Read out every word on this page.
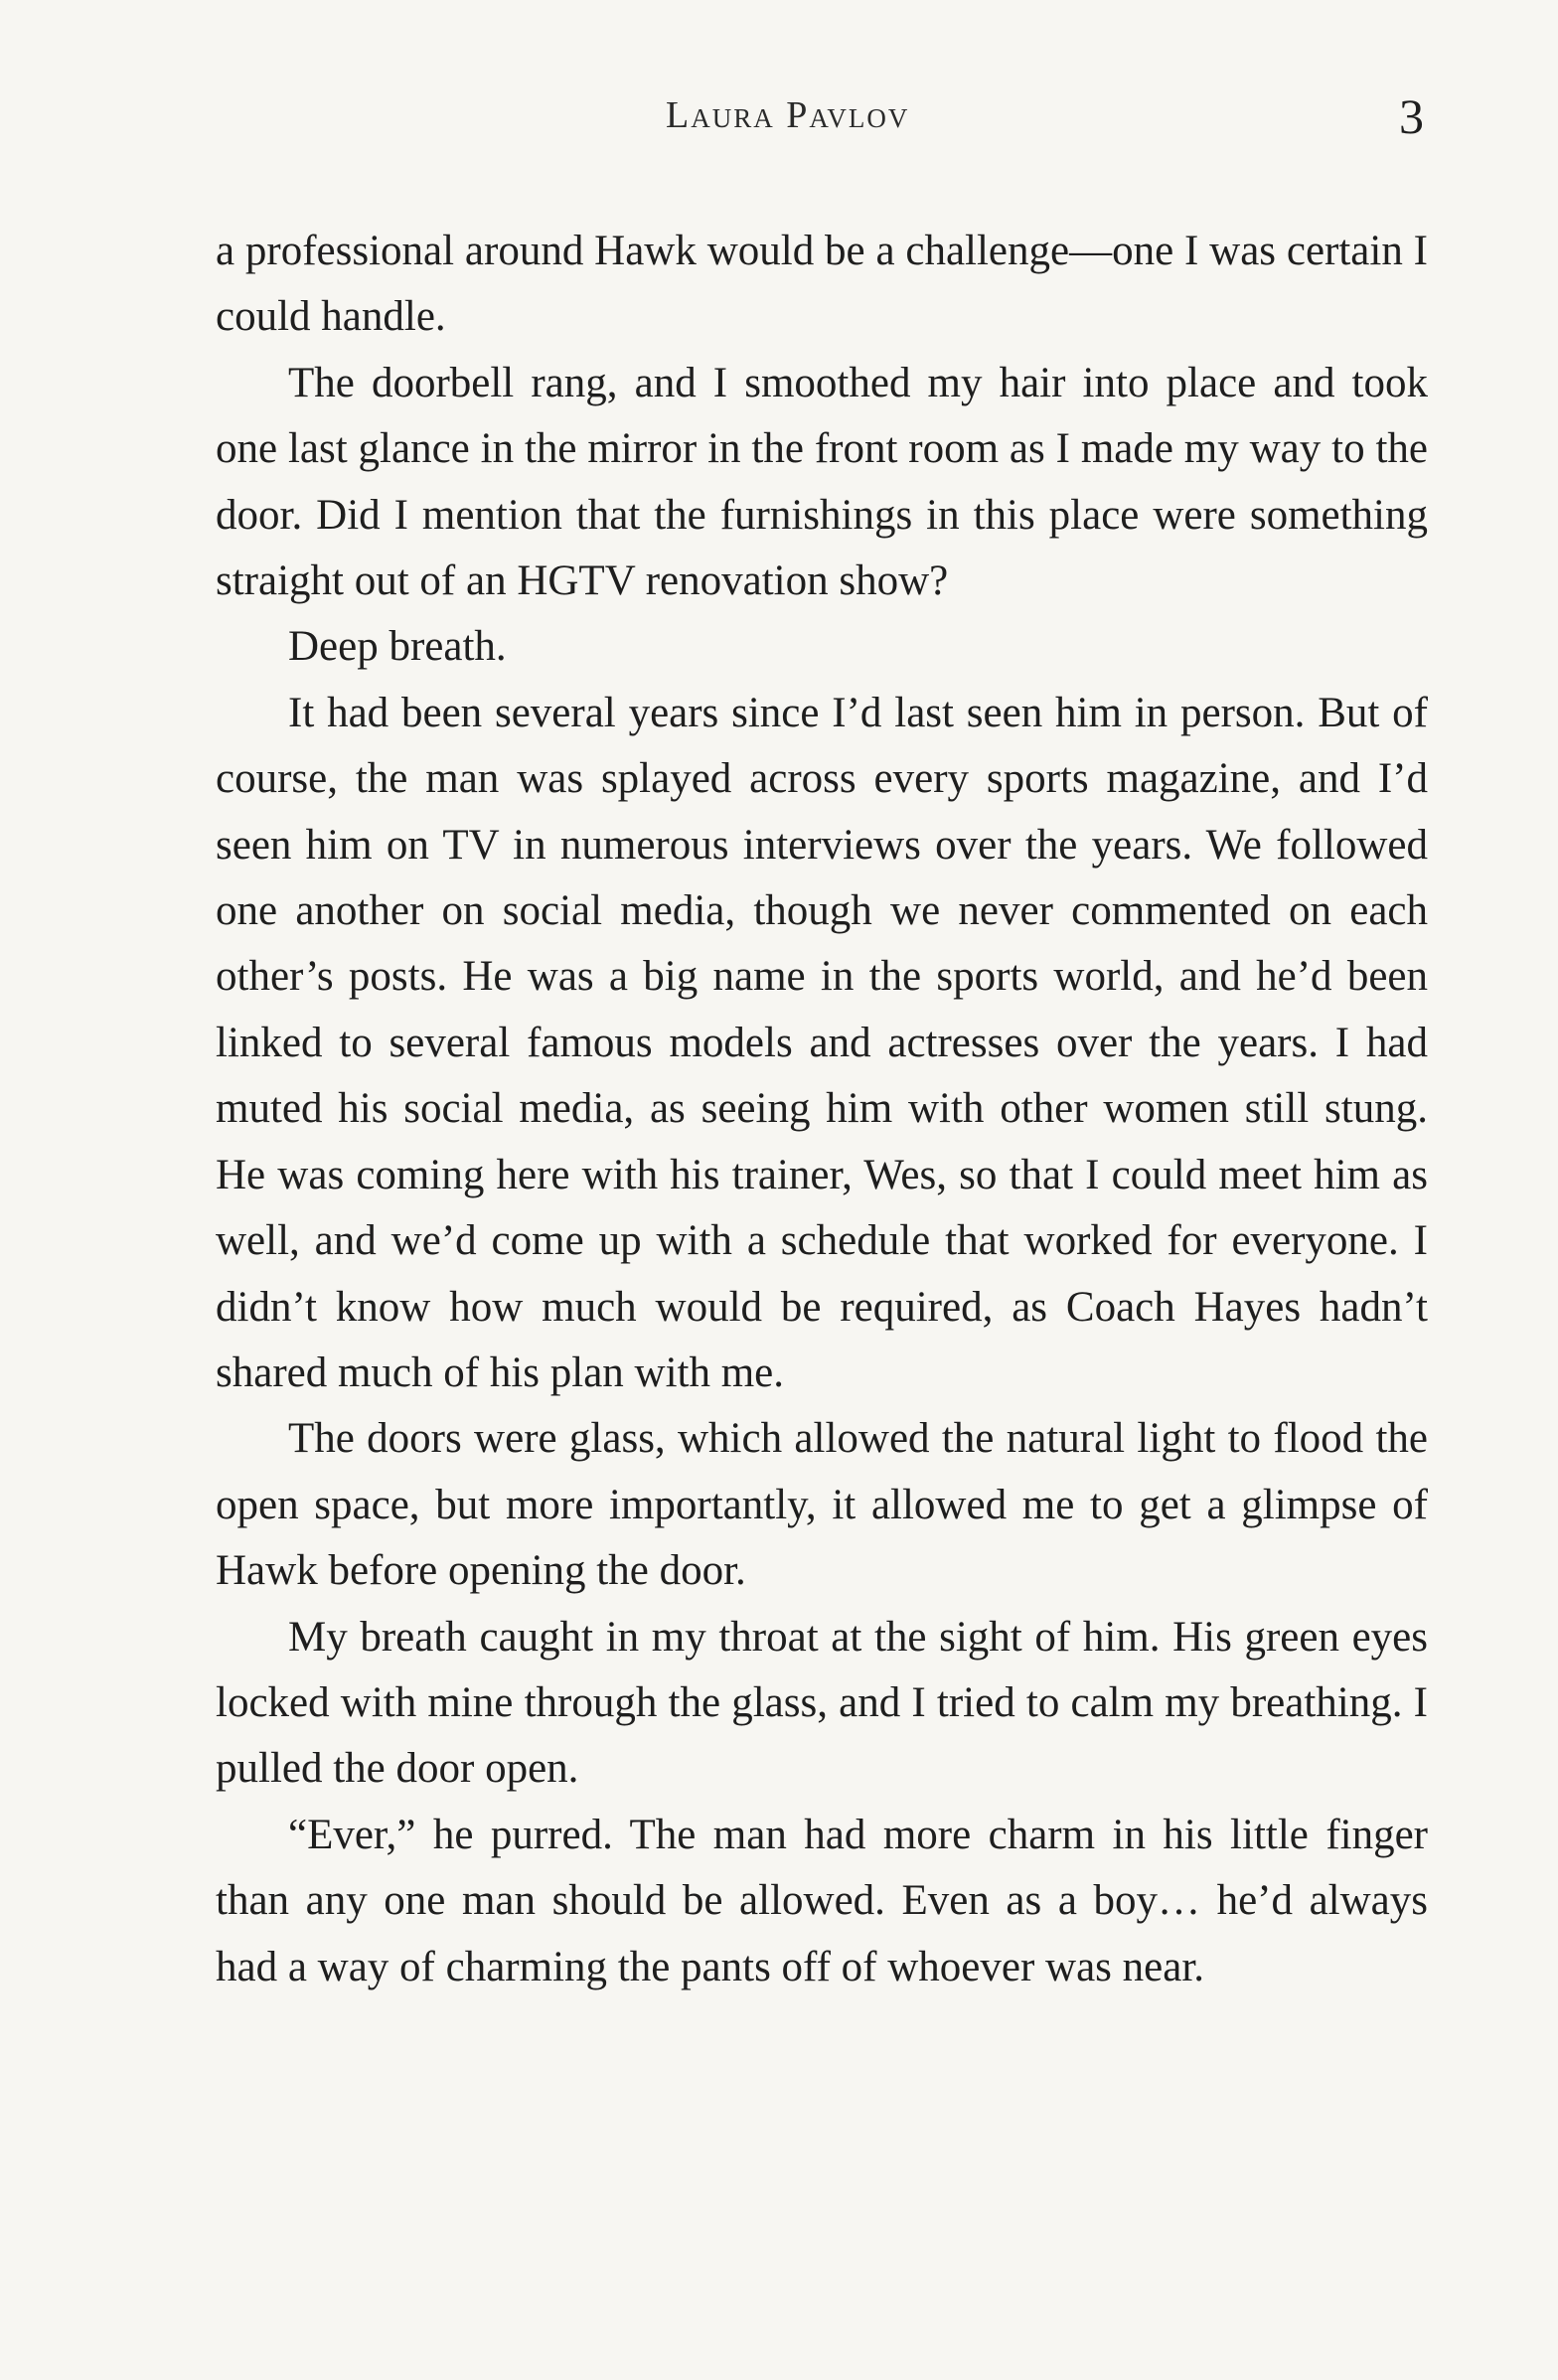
Laura Pavlov	3

a professional around Hawk would be a challenge—one I was certain I could handle.

The doorbell rang, and I smoothed my hair into place and took one last glance in the mirror in the front room as I made my way to the door. Did I mention that the furnishings in this place were something straight out of an HGTV renovation show?

Deep breath.

It had been several years since I’d last seen him in person. But of course, the man was splayed across every sports magazine, and I’d seen him on TV in numerous interviews over the years. We followed one another on social media, though we never commented on each other’s posts. He was a big name in the sports world, and he’d been linked to several famous models and actresses over the years. I had muted his social media, as seeing him with other women still stung. He was coming here with his trainer, Wes, so that I could meet him as well, and we’d come up with a schedule that worked for everyone. I didn’t know how much would be required, as Coach Hayes hadn’t shared much of his plan with me.

The doors were glass, which allowed the natural light to flood the open space, but more importantly, it allowed me to get a glimpse of Hawk before opening the door.

My breath caught in my throat at the sight of him. His green eyes locked with mine through the glass, and I tried to calm my breathing. I pulled the door open.

“Ever,” he purred. The man had more charm in his little finger than any one man should be allowed. Even as a boy… he’d always had a way of charming the pants off of whoever was near.
